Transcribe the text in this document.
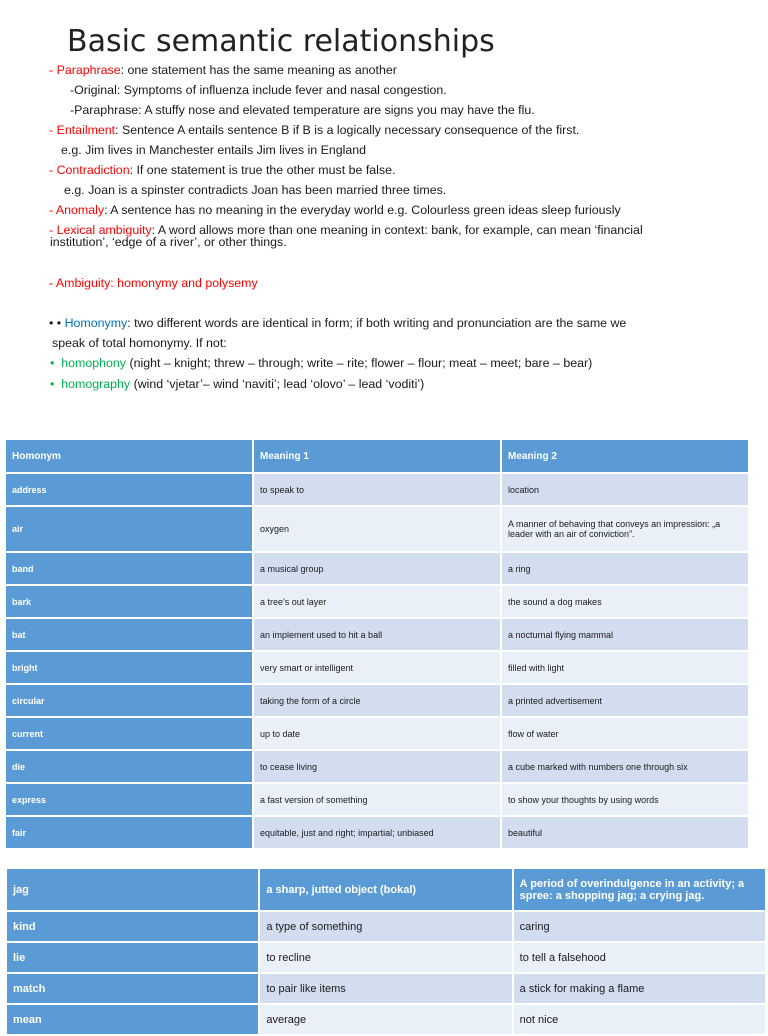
Basic semantic relationships
- Paraphrase: one statement has the same meaning as another
-Original: Symptoms of influenza include fever and nasal congestion.
-Paraphrase: A stuffy nose and elevated temperature are signs you may have the flu.
- Entailment: Sentence A entails sentence B if B is a logically necessary consequence of the first.
e.g. Jim lives in Manchester entails Jim lives in England
- Contradiction: If one statement is true the other must be false.
e.g. Joan is a spinster contradicts Joan has been married three times.
- Anomaly: A sentence has no meaning in the everyday world e.g. Colourless green ideas sleep furiously
- Lexical ambiguity: A word allows more than one meaning in context: bank, for example, can mean ‘financial
institution’, ‘edge of a river’, or other things.
- Ambiguity: homonymy and polysemy
• • Homonymy: two different words are identical in form; if both writing and pronunciation are the same we
speak of total homonymy. If not:
• homophony (night – knight; threw – through; write – rite; flower – flour; meat – meet; bare – bear)
• homography (wind ‘vjetar’– wind ‘naviti’; lead ‘olovo’ – lead ‘voditi’)
Homonym	Meaning 1	Meaning 2
address	to speak to	location
air	oxygen	A manner of behaving that conveys an impression: „a leader with an air of conviction”.
band	a musical group	a ring
bark	a tree's out layer	the sound a dog makes
bat	an implement used to hit a ball	a nocturnal flying mammal
bright	very smart or intelligent	filled with light
circular	taking the form of a circle	a printed advertisement
current	up to date	flow of water
die	to cease living	a cube marked with numbers one through six
express	a fast version of something	to show your thoughts by using words
fair	equitable, just and right; impartial; unbiased	beautiful
jag	a sharp, jutted object (bokal)	A period of overindulgence in an activity; a spree: a shopping jag; a crying jag.
kind	a type of something	caring
lie	to recline	to tell a falsehood
match	to pair like items	a stick for making a flame
mean	average	not nice
